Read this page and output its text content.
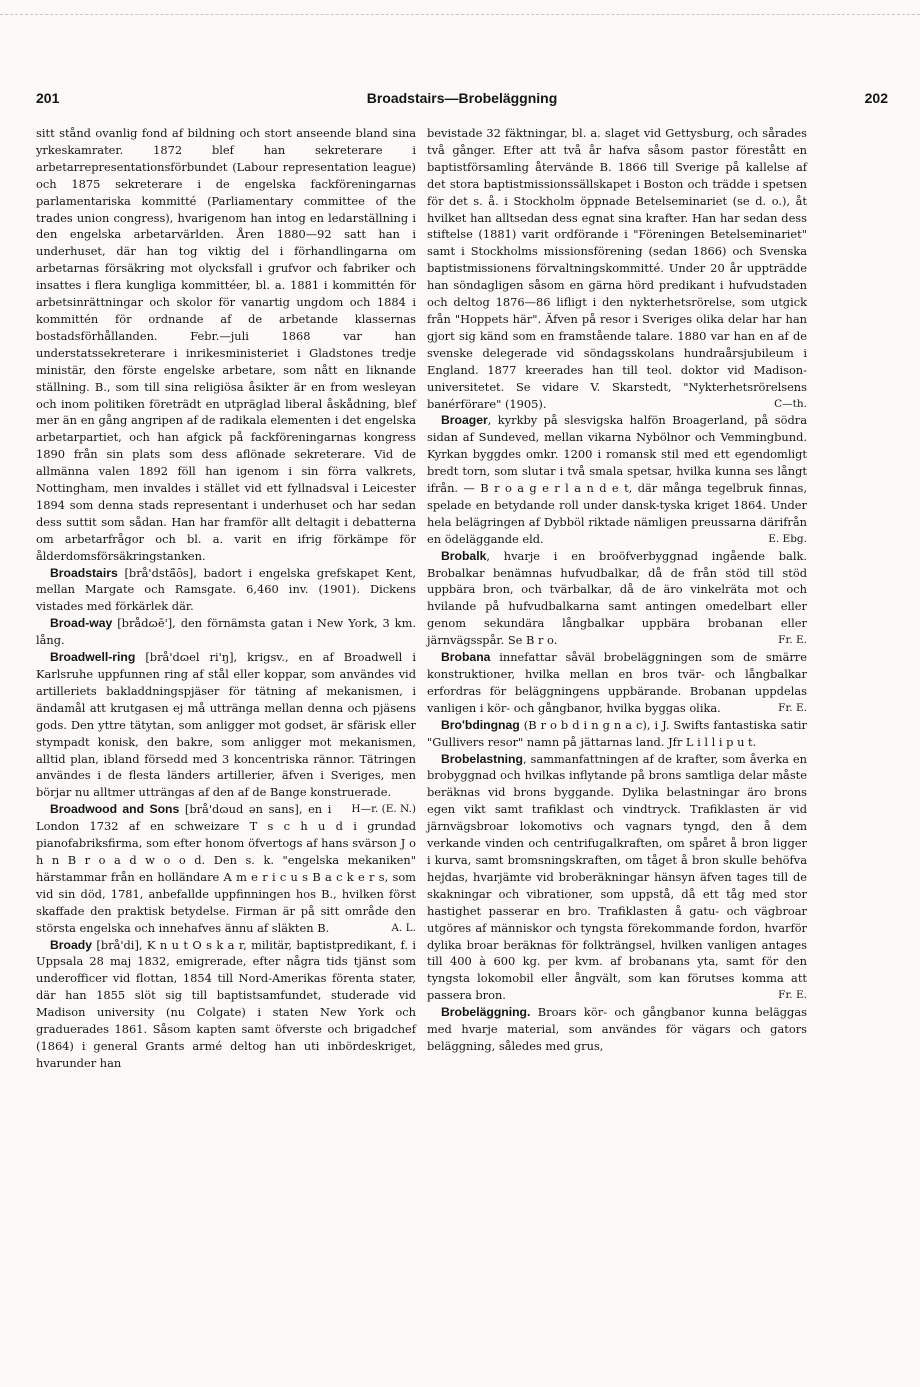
201	Broadstairs—Brobeläggning	202

sitt stånd ovanlig fond af bildning och stort anseende bland sina yrkeskamrater. 1872 blef han sekreterare i arbetarrepresentationsförbundet (Labour representation league) och 1875 sekreterare i de engelska fackföreningarnas parlamentariska kommitté (Parliamentary committee of the trades union congress), hvarigenom han intog en ledarställning i den engelska arbetarvärlden. Åren 1880—92 satt han i underhuset, där han tog viktig del i förhandlingarna om arbetarnas försäkring mot olycksfall i grufvor och fabriker och insattes i flera kungliga kommittéer, bl. a. 1881 i kommittén för arbetsinrättningar och skolor för vanartig ungdom och 1884 i kommittén för ordnande af de arbetande klassernas bostadsförhållanden. Febr.—juli 1868 var han understatssekreterare i inrikesministeriet i Gladstones tredje ministär, den förste engelske arbetare, som nått en liknande ställning. B., som till sina religiösa åsikter är en from wesleyan och inom politiken företrädt en utpräglad liberal åskådning, blef mer än en gång angripen af de radikala elementen i det engelska arbetarpartiet, och han afgick på fackföreningarnas kongress 1890 från sin plats som dess aflönade sekreterare. Vid de allmänna valen 1892 föll han igenom i sin förra valkrets, Nottingham, men invaldes i stället vid ett fyllnadsval i Leicester 1894 som denna stads representant i underhuset och har sedan dess suttit som sådan. Han har framför allt deltagit i debatterna om arbetarfrågor och bl. a. varit en ifrig förkämpe för ålderdomsförsäkringstanken.

Broadstairs [brå'dstä̑ȏs], badort i engelska grefskapet Kent, mellan Margate och Ramsgate. 6,460 inv. (1901). Dickens vistades med förkärlek där.

Broad-way [brådɷē'], den förnämsta gatan i New York, 3 km. lång.

Broadwell-ring [brå'dɷel ri'ŋ], krigsv., en af Broadwell i Karlsruhe uppfunnen ring af stål eller koppar, som användes vid artilleriets bakladdningspjäser för tätning af mekanismen, i ändamål att krutgasen ej må uttränga mellan denna och pjäsens gods. Den yttre tätytan, som anligger mot godset, är sfärisk eller stympadt konisk, den bakre, som anligger mot mekanismen, alltid plan, ibland försedd med 3 koncentriska rännor. Tätringen användes i de flesta länders artillerier, äfven i Sveriges, men börjar nu alltmer utträngas af den af de Bange konstruerade.
H—r. (E. N.)

Broadwood and Sons [brå'dɷud ən sans], en i London 1732 af en schweizare T s c h u d i grundad pianofabriksfirma, som efter honom öfvertogs af hans svärson J o h n B r o a d w o o d. Den s. k. "engelska mekaniken" härstammar från en holländare A m e r i c u s B a c k e r s, som vid sin död, 1781, anbefallde uppfinningen hos B., hvilken först skaffade den praktisk betydelse. Firman är på sitt område den största engelska och innehafves ännu af släkten B.	A. L.

Broady [brå'di], K n u t O s k a r, militär, baptistpredikant, f. i Uppsala 28 maj 1832, emigrerade, efter några tids tjänst som underofficer vid flottan, 1854 till Nord-Amerikas förenta stater, där han 1855 slöt sig till baptistsamfundet, studerade vid Madison university (nu Colgate) i staten New York och graduerades 1861. Såsom kapten samt öfverste och brigadchef (1864) i general Grants armé deltog han uti inbördeskriget, hvarunder han

bevistade 32 fäktningar, bl. a. slaget vid Gettysburg, och sårades två gånger. Efter att två år hafva såsom pastor förestått en baptistförsamling återvände B. 1866 till Sverige på kallelse af det stora baptistmissionssällskapet i Boston och trädde i spetsen för det s. å. i Stockholm öppnade Betelseminariet (se d. o.), åt hvilket han alltsedan dess egnat sina krafter. Han har sedan dess stiftelse (1881) varit ordförande i "Föreningen Betelseminariet" samt i Stockholms missionsförening (sedan 1866) och Svenska baptistmissionens förvaltningskommitté. Under 20 år uppträdde han söndagligen såsom en gärna hörd predikant i hufvudstaden och deltog 1876—86 lifligt i den nykterhetsrörelse, som utgick från "Hoppets här". Äfven på resor i Sveriges olika delar har han gjort sig känd som en framstående talare. 1880 var han en af de svenske delegerade vid söndagsskolans hundraårsjubileum i England. 1877 kreerades han till teol. doktor vid Madison-universitetet. Se vidare V. Skarstedt, "Nykterhetsrörelsens banérförare" (1905).	C—th.

Broager, kyrkby på slesvigska halfön Broagerland, på södra sidan af Sundeved, mellan vikarna Nybölnor och Vemmingbund. Kyrkan byggdes omkr. 1200 i romansk stil med ett egendomligt bredt torn, som slutar i två smala spetsar, hvilka kunna ses långt ifrån. — B r o a g e r l a n d e t, där många tegelbruk finnas, spelade en betydande roll under dansk-tyska kriget 1864. Under hela belägringen af Dybböl riktade nämligen preussarna därifrån en ödeläggande eld.	E. Ebg.

Brobalk, hvarje i en broöfverbyggnad ingående balk. Brobalkar benämnas hufvudbalkar, då de från stöd till stöd uppbära bron, och tvärbalkar, då de äro vinkelräta mot och hvilande på hufvudbalkarna samt antingen omedelbart eller genom sekundära långbalkar uppbära brobanan eller järnvägsspår. Se B r o.	Fr. E.

Brobana innefattar såväl brobeläggningen som de smärre konstruktioner, hvilka mellan en bros tvär- och långbalkar erfordras för beläggningens uppbärande. Brobanan uppdelas vanligen i kör- och gångbanor, hvilka byggas olika.	Fr. E.

Bro'bdingnag (B r o b d i n g n a c), i J. Swifts fantastiska satir "Gullivers resor" namn på jättarnas land. Jfr L i l l i p u t.

Brobelastning, sammanfattningen af de krafter, som åverka en brobyggnad och hvilkas inflytande på brons samtliga delar måste beräknas vid brons byggande. Dylika belastningar äro brons egen vikt samt trafiklast och vindtryck. Trafiklasten är vid järnvägsbroar lokomotivs och vagnars tyngd, den å dem verkande vinden och centrifugalkraften, om spåret å bron ligger i kurva, samt bromsningskraften, om tåget å bron skulle behöfva hejdas, hvarjämte vid broberäkningar hänsyn äfven tages till de skakningar och vibrationer, som uppstå, då ett tåg med stor hastighet passerar en bro. Trafiklasten å gatu- och vägbroar utgöres af människor och tyngsta förekommande fordon, hvarför dylika broar beräknas för folkträngsel, hvilken vanligen antages till 400 à 600 kg. per kvm. af brobanans yta, samt för den tyngsta lokomobil eller ångvält, som kan förutses komma att passera bron.	Fr. E.

Brobeläggning. Broars kör- och gångbanor kunna beläggas med hvarje material, som användes för vägars och gators beläggning, således med grus,
